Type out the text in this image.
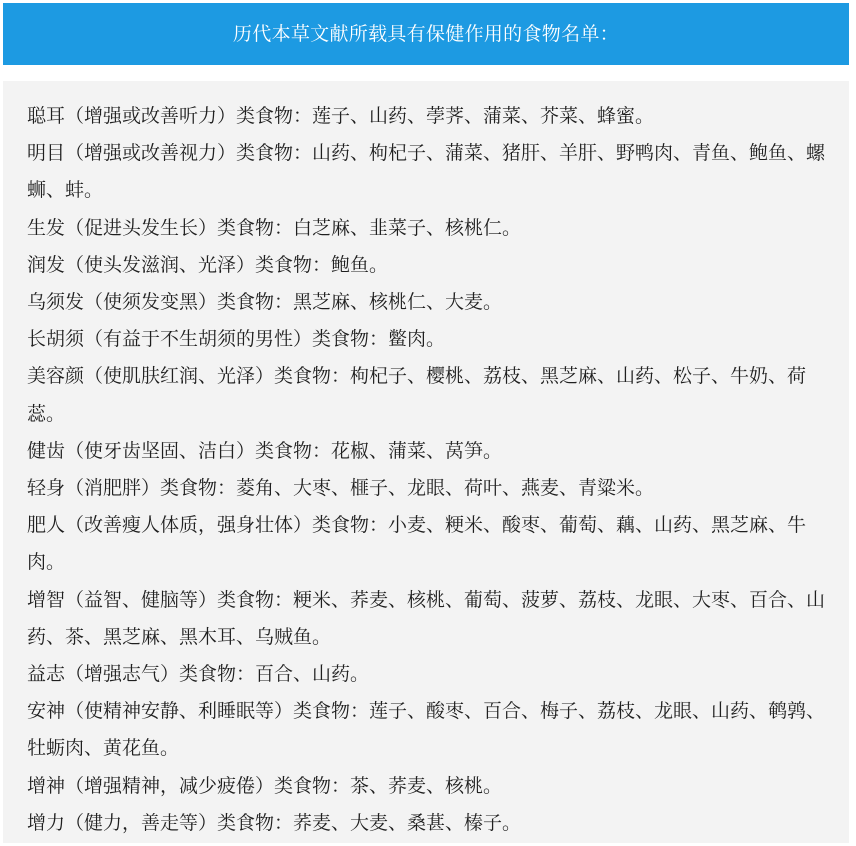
历代本草文献所载具有保健作用的食物名单：

聪耳（增强或改善听力）类食物：莲子、山药、荸荠、蒲菜、芥菜、蜂蜜。

明目（增强或改善视力）类食物：山药、枸杞子、蒲菜、猪肝、羊肝、野鸭肉、青鱼、鲍鱼、螺蛳、蚌。

生发（促进头发生长）类食物：白芝麻、韭菜子、核桃仁。

润发（使头发滋润、光泽）类食物：鲍鱼。

乌须发（使须发变黑）类食物：黑芝麻、核桃仁、大麦。

长胡须（有益于不生胡须的男性）类食物：鳖肉。

美容颜（使肌肤红润、光泽）类食物：枸杞子、樱桃、荔枝、黑芝麻、山药、松子、牛奶、荷蕊。

健齿（使牙齿坚固、洁白）类食物：花椒、蒲菜、莴笋。

轻身（消肥胖）类食物：菱角、大枣、榧子、龙眼、荷叶、燕麦、青粱米。

肥人（改善瘦人体质，强身壮体）类食物：小麦、粳米、酸枣、葡萄、藕、山药、黑芝麻、牛肉。

增智（益智、健脑等）类食物：粳米、荞麦、核桃、葡萄、菠萝、荔枝、龙眼、大枣、百合、山药、茶、黑芝麻、黑木耳、乌贼鱼。

益志（增强志气）类食物：百合、山药。

安神（使精神安静、利睡眠等）类食物：莲子、酸枣、百合、梅子、荔枝、龙眼、山药、鹌鹑、牡蛎肉、黄花鱼。

增神（增强精神，减少疲倦）类食物：茶、荞麦、核桃。

增力（健力，善走等）类食物：荞麦、大麦、桑葚、榛子。
